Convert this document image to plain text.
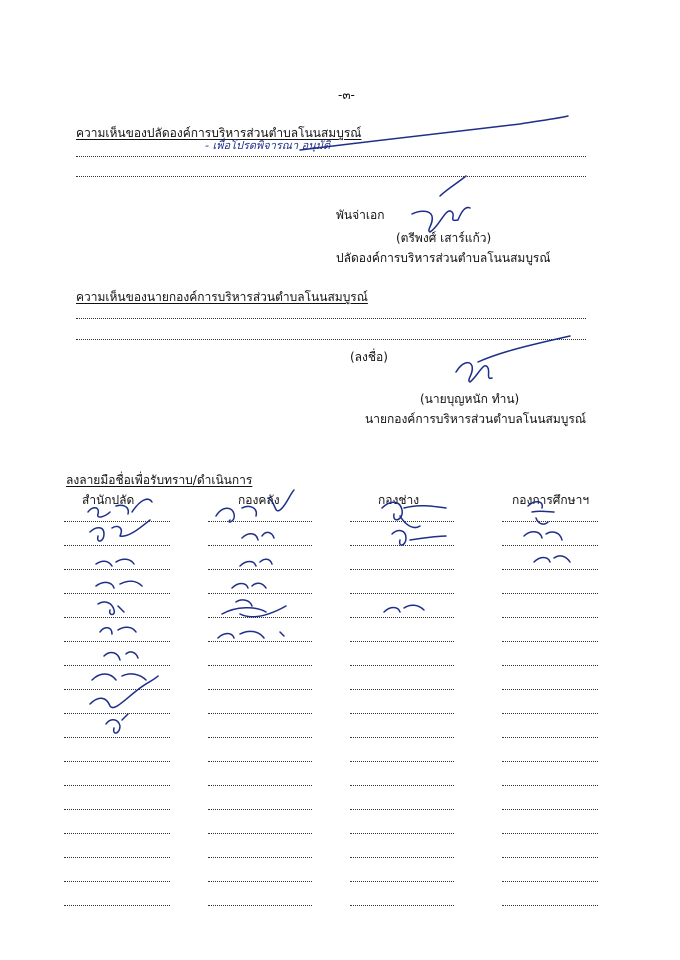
-๓-
ความเห็นของปลัดองค์การบริหารส่วนตำบลโนนสมบูรณ์
- เพื่อโปรดพิจารณา อนุมัติ
พันจ่าเอก
(ตรีพงศ์ เสาร์แก้ว)
ปลัดองค์การบริหารส่วนตำบลโนนสมบูรณ์
ความเห็นของนายกองค์การบริหารส่วนตำบลโนนสมบูรณ์
(ลงชื่อ)
(นายบุญหนัก ทำน)
นายกองค์การบริหารส่วนตำบลโนนสมบูรณ์
ลงลายมือชื่อเพื่อรับทราบ/ดำเนินการ
สำนักปลัด	กองคลัง	กองช่าง	กองการศึกษาฯ
